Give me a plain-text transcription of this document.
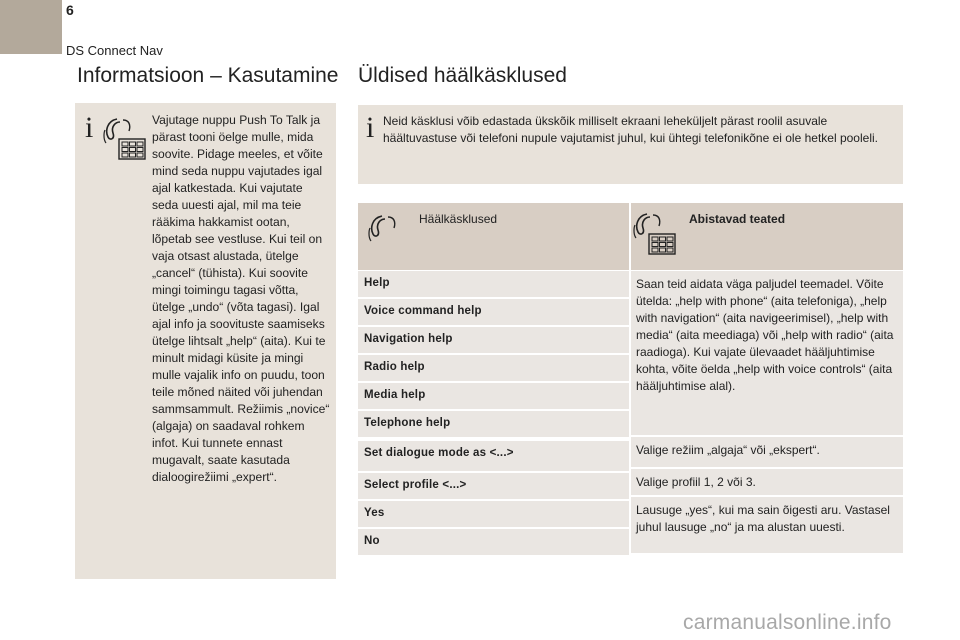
6
DS Connect Nav
Informatsioon – Kasutamine Üldised häälkäsklused
i	Vajutage nuppu Push To Talk ja pärast tooni öelge mulle, mida soovite. Pidage meeles, et võite mind seda nuppu vajutades igal ajal katkestada. Kui vajutate seda uuesti ajal, mil ma teie rääkima hakkamist ootan, lõpetab see vestluse. Kui teil on vaja otsast alustada, ütelge „cancel“ (tühista). Kui soovite mingi toimingu tagasi võtta, ütelge „undo“ (võta tagasi). Igal ajal info ja soovituste saamiseks ütelge lihtsalt „help“ (aita). Kui te minult midagi küsite ja mingi mulle vajalik info on puudu, toon teile mõned näited või juhendan sammsammult. Režiimis „novice“ (algaja) on saadaval rohkem infot. Kui tunnete ennast mugavalt, saate kasutada dialoogirežiimi „expert“.

i Neid käsklusi võib edastada ükskõik milliselt ekraani leheküljelt pärast roolil asuvale häältuvastuse või telefoni nupule vajutamist juhul, kui ühtegi telefonikõne ei ole hetkel pooleli.

Häälkäsklused	Abistavad teated
Help
Voice command help
Navigation help
Radio help
Media help
Telephone help
Set dialogue mode as <...>
Select profile <...>
Yes
No

Saan teid aidata väga paljudel teemadel. Võite ütelda: „help with phone“ (aita telefoniga), „help with navigation“ (aita navigeerimisel), „help with media“ (aita meediaga) või „help with radio“ (aita raadioga). Kui vajate ülevaadet hääljuhtimise kohta, võite öelda „help with voice controls“ (aita hääljuhtimise alal).

Valige režiim „algaja“ või „ekspert“.

Valige profiil 1, 2 või 3.

Lausuge „yes“, kui ma sain õigesti aru. Vastasel juhul lausuge „no“ ja ma alustan uuesti.

carmanualsonline.info
